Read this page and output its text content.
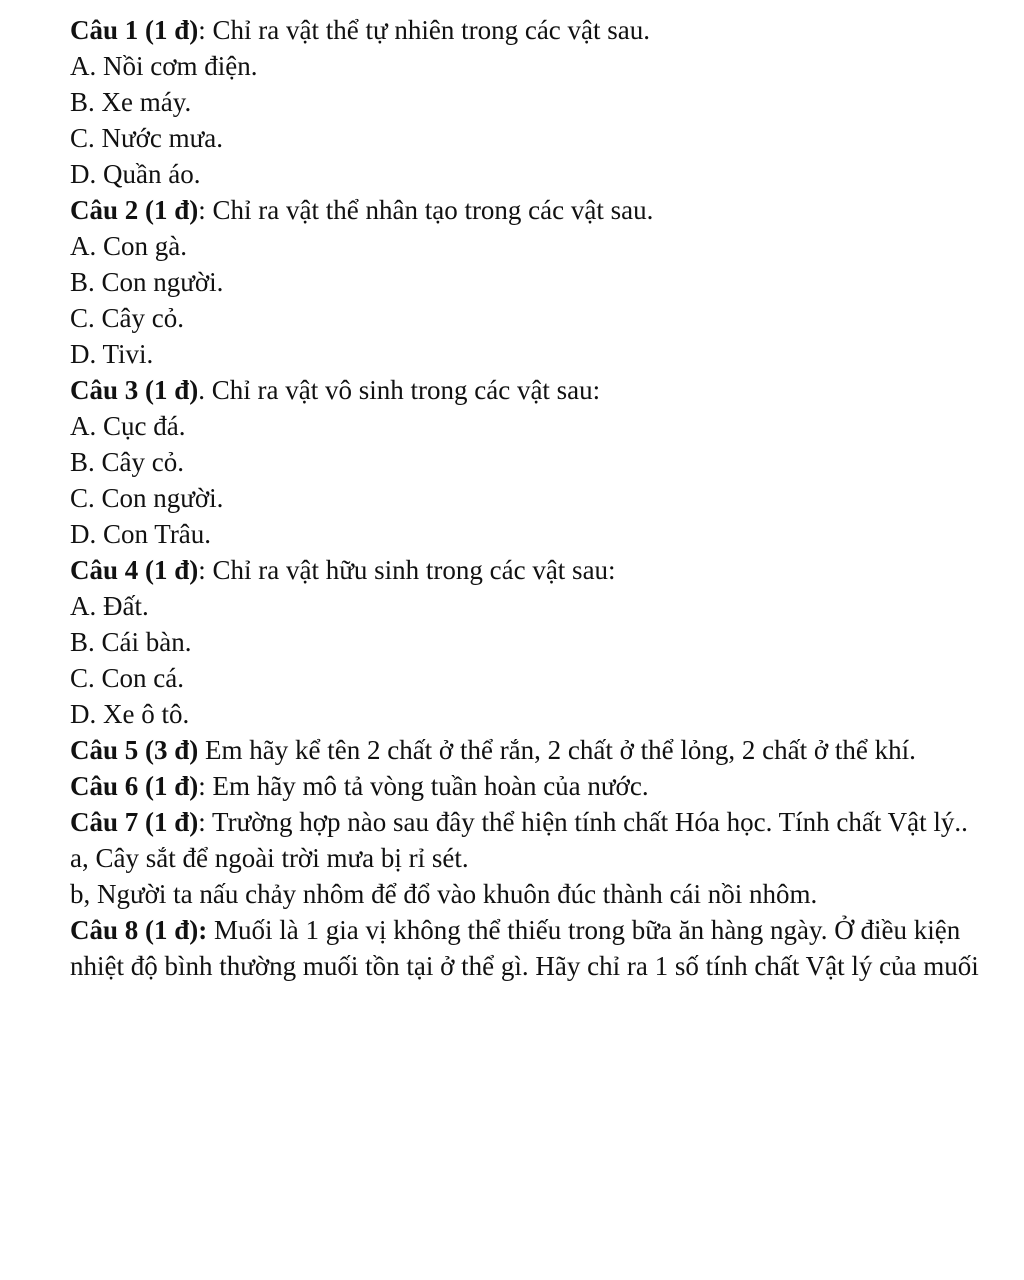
Câu 1 (1 đ): Chỉ ra vật thể tự nhiên trong các vật sau.
A. Nồi cơm điện.
B. Xe máy.
C. Nước mưa.
D. Quần áo.
Câu 2 (1 đ): Chỉ ra vật thể nhân tạo trong các vật sau.
A. Con gà.
B. Con người.
C. Cây cỏ.
D. Tivi.
Câu 3 (1 đ). Chỉ ra vật vô sinh trong các vật sau:
A. Cục đá.
B. Cây cỏ.
C. Con người.
D. Con Trâu.
Câu 4 (1 đ): Chỉ ra vật hữu sinh trong các vật sau:
A. Đất.
B. Cái bàn.
C. Con cá.
D. Xe ô tô.
Câu 5 (3 đ) Em hãy kể tên 2 chất ở thể rắn, 2 chất ở thể lỏng, 2 chất ở thể khí.
Câu 6 (1 đ): Em hãy mô tả vòng tuần hoàn của nước.
Câu 7 (1 đ): Trường hợp nào sau đây thể hiện tính chất Hóa học. Tính chất Vật lý..
a, Cây sắt để ngoài trời mưa bị rỉ sét.
b, Người ta nấu chảy nhôm để đổ vào khuôn đúc thành cái nồi nhôm.
Câu 8 (1 đ): Muối là 1 gia vị không thể thiếu trong bữa ăn hàng ngày. Ở điều kiện nhiệt độ bình thường muối tồn tại ở thể gì. Hãy chỉ ra 1 số tính chất Vật lý của muối
